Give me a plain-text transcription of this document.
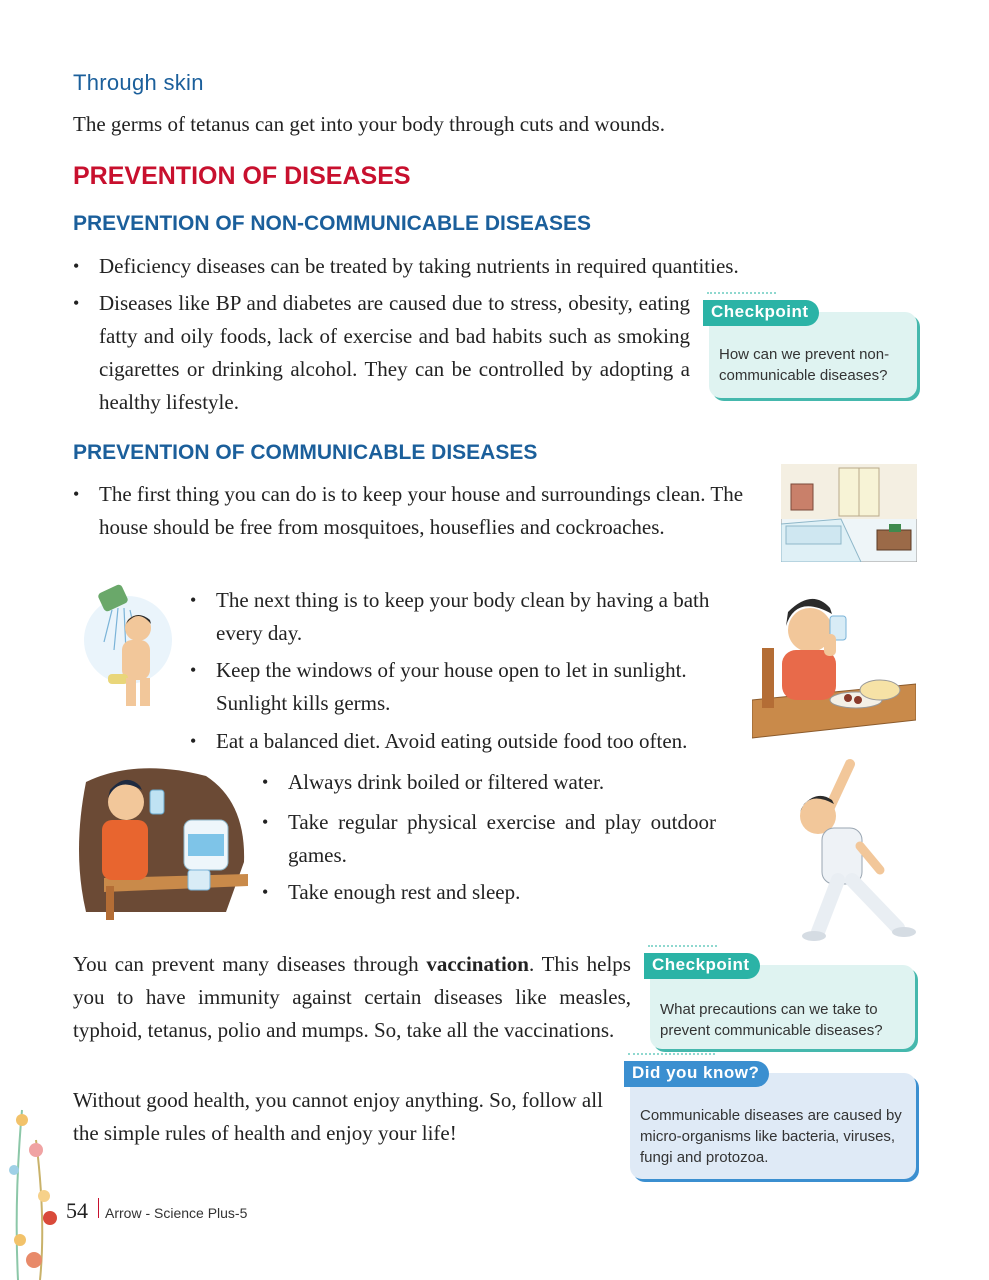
Through skin
The germs of tetanus can get into your body through cuts and wounds.
PREVENTION OF DISEASES
PREVENTION OF NON-COMMUNICABLE DISEASES
• Deficiency diseases can be treated by taking nutrients in required quantities.
• Diseases like BP and diabetes are caused due to stress, obesity, eating fatty and oily foods, lack of exercise and bad habits such as smoking cigarettes or drinking alcohol. They can be controlled by adopting a healthy lifestyle.
Checkpoint
How can we prevent non-communicable diseases?
PREVENTION OF COMMUNICABLE DISEASES
• The first thing you can do is to keep your house and surroundings clean. The house should be free from mosquitoes, houseflies and cockroaches.
• The next thing is to keep your body clean by having a bath every day.
• Keep the windows of your house open to let in sunlight. Sunlight kills germs.
• Eat a balanced diet. Avoid eating outside food too often.
• Always drink boiled or filtered water.
• Take regular physical exercise and play outdoor games.
• Take enough rest and sleep.
You can prevent many diseases through vaccination. This helps you to have immunity against certain diseases like measles, typhoid, tetanus, polio and mumps. So, take all the vaccinations.
Checkpoint
What precautions can we take to prevent communicable diseases?
Without good health, you cannot enjoy anything. So, follow all the simple rules of health and enjoy your life!
Did you know?
Communicable diseases are caused by micro-organisms like bacteria, viruses, fungi and protozoa.
54 Arrow - Science Plus-5
